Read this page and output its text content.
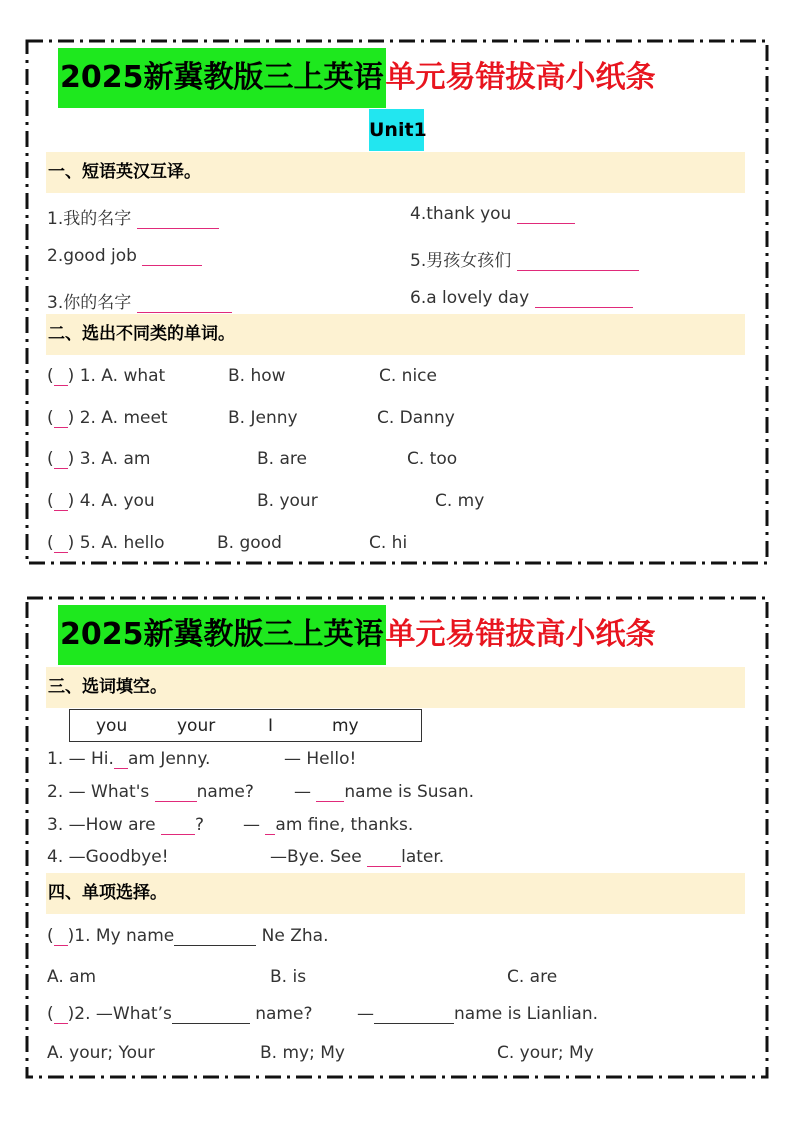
2025新冀教版三上英语单元易错拔高小纸条
Unit1
一、短语英汉互译。
1.我的名字
2.good job
3.你的名字
4.thank you
5.男孩女孩们
6.a lovely day
二、选出不同类的单词。
( ) 1. A. what	B. how	C. nice
( ) 2. A. meet	B. Jenny	C. Danny
( ) 3. A. am	B. are	C. too
( ) 4. A. you	B. your	C. my
( ) 5. A. hello	B. good	C. hi
2025新冀教版三上英语单元易错拔高小纸条
三、选词填空。
you	your	I	my
1. — Hi. am Jenny.	— Hello!
2. — What's	name? — name is Susan.
3. —How are ? — am fine, thanks.
4. —Goodbye!	—Bye. See later.
四、单项选择。
( )1. My name	Ne Zha.
A. am	B. is	C. are
( )2. —What’s	name?	—	name is Lianlian.
A. your; Your	B. my; My	C. your; My
